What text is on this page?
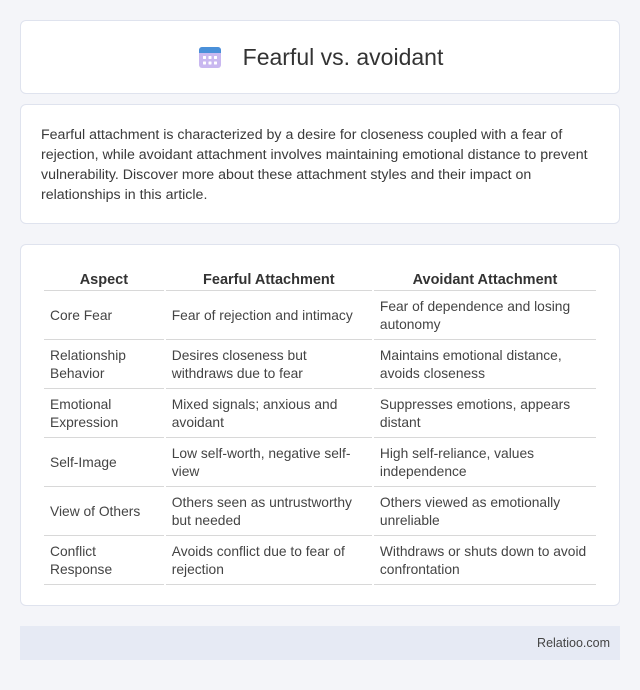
Fearful vs. avoidant

Fearful attachment is characterized by a desire for closeness coupled with a fear of rejection, while avoidant attachment involves maintaining emotional distance to prevent vulnerability. Discover more about these attachment styles and their impact on relationships in this article.

Aspect	Fearful Attachment	Avoidant Attachment
Core Fear	Fear of rejection and intimacy	Fear of dependence and losing autonomy
Relationship Behavior	Desires closeness but withdraws due to fear	Maintains emotional distance, avoids closeness
Emotional Expression	Mixed signals; anxious and avoidant	Suppresses emotions, appears distant
Self-Image	Low self-worth, negative self-view	High self-reliance, values independence
View of Others	Others seen as untrustworthy but needed	Others viewed as emotionally unreliable
Conflict Response	Avoids conflict due to fear of rejection	Withdraws or shuts down to avoid confrontation
Relatioo.com
